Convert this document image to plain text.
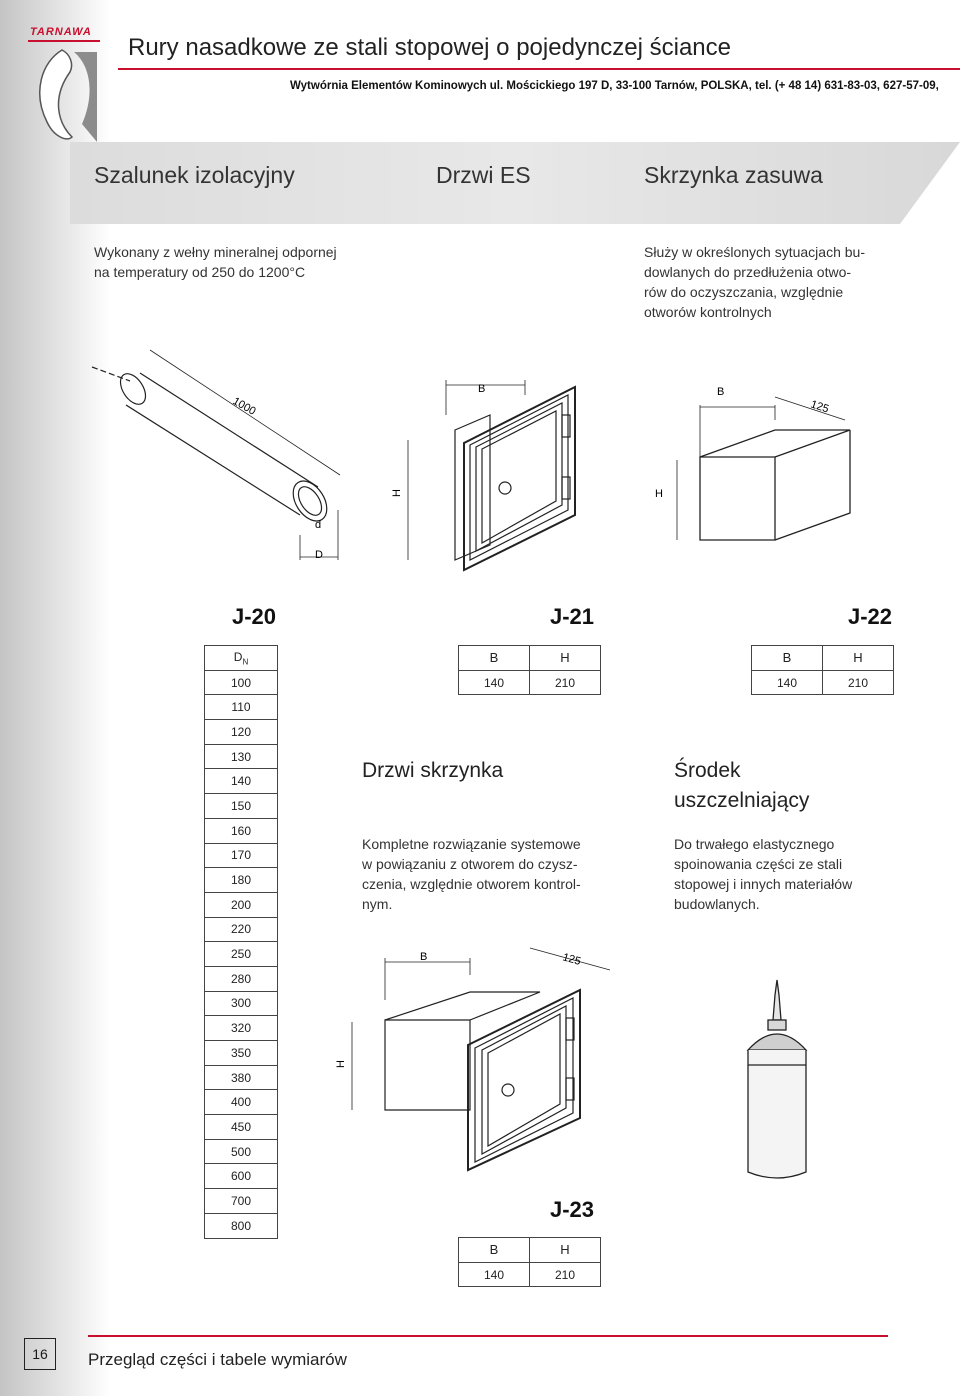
TARNAWA
Rury nasadkowe ze stali stopowej o pojedynczej ściance
Wytwórnia Elementów Kominowych ul. Mościckiego 197 D, 33-100 Tarnów, POLSKA, tel. (+ 48 14) 631-83-03, 627-57-09,
Szalunek izolacyjny	Drzwi ES	Skrzynka zasuwa
Wykonany z wełny mineralnej odpornej
na temperatury od 250 do 1200°C
Służy w określonych sytuacjach bu-
dowlanych do przedłużenia otwo-
rów do oczyszczania, względnie
otworów kontrolnych
1000
d
D
B
H
B
125
H
J-20	J-21	J-22
J-23
$D_N$
100
110
120
130
140
150
160
170
180
200
220
250
280
300
320
350
380
400
450
500
600
700
800
B	H
140	210
B	H
140	210
B	H
140	210
Drzwi skrzynka
Kompletne rozwiązanie systemowe
w powiązaniu z otworem do czysz-
czenia, względnie otworem kontrol-
nym.
Środek
uszczelniający
Do trwałego elastycznego
spoinowania części ze stali
stopowej i innych materiałów
budowlanych.
B	125
H
16	Przegląd części i tabele wymiarów
